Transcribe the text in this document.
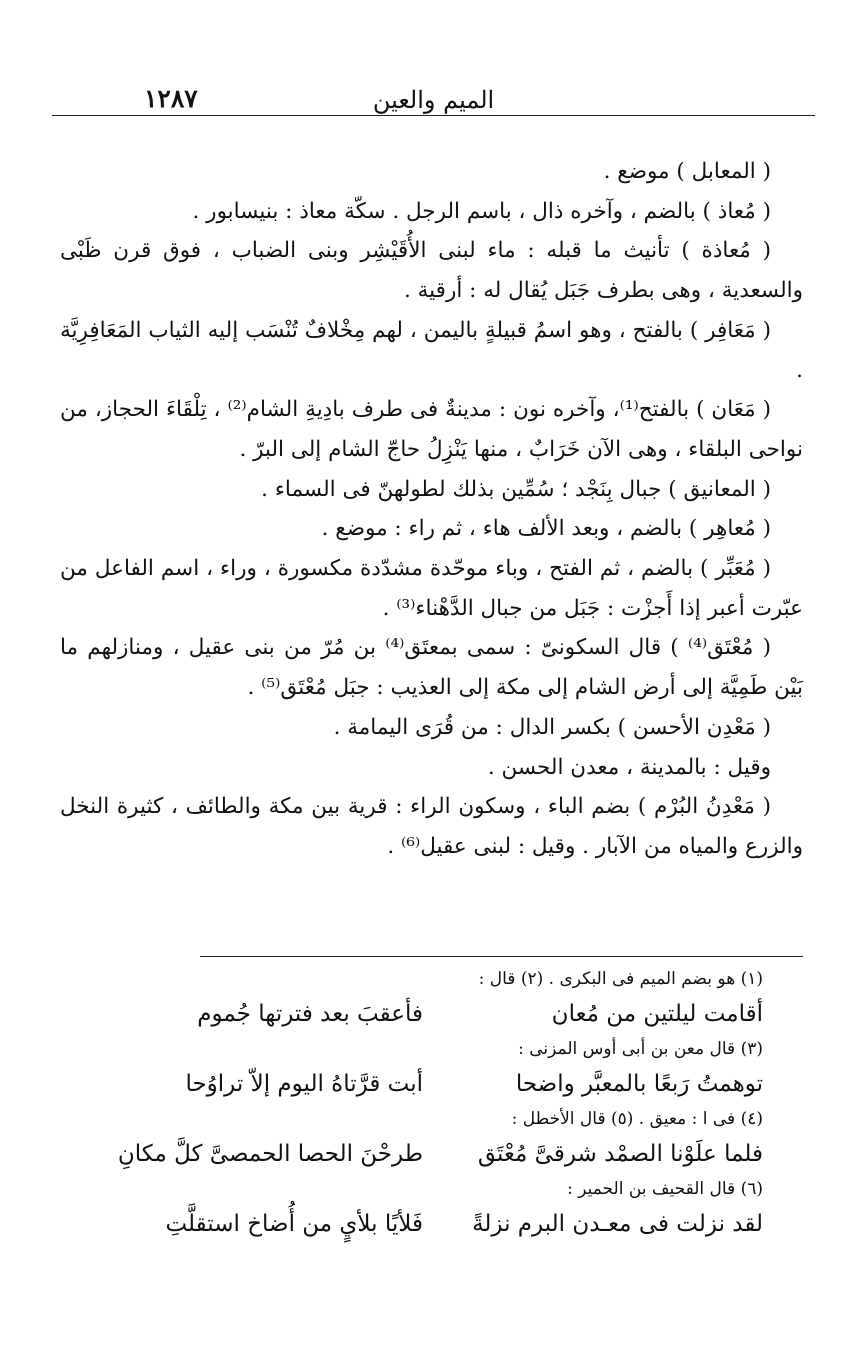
الميم والعين
١٢٨٧

( المعابل ) موضع .

( مُعاذ ) بالضم ، وآخره ذال ، باسم الرجل . سكّة معاذ : بنيسابور .

( مُعاذة ) تأنيث ما قبله : ماء لبنى الأُقَيْشِر وبنى الضباب ، فوق قرن ظَبْى والسعدية ، وهى بطرف جَبَل يُقال له : أرقية .

( مَعَافِر ) بالفتح ، وهو اسمُ قبيلةٍ باليمن ، لهم مِخْلافٌ تُنْسَب إليه الثياب المَعَافِرِيَّة .

( مَعَان ) بالفتح⁽¹⁾، وآخره نون : مدينةٌ فى طرف بادِيةِ الشام⁽²⁾ ، تِلْقَاءَ الحجاز، من نواحى البلقاء ، وهى الآن خَرَابٌ ، منها يَنْزِلُ حاجّ الشام إلى البرّ .

( المعانيق ) جبال بِنَجْد ؛ سُمِّين بذلك لطولهنّ فى السماء .

( مُعاهِر ) بالضم ، وبعد الألف هاء ، ثم راء : موضع .

( مُعَبِّر ) بالضم ، ثم الفتح ، وباء موحّدة مشدّدة مكسورة ، وراء ، اسم الفاعل من عبّرت أعبر إذا أَجزْت : جَبَل من جبال الدَّهْناء⁽³⁾ .

( مُعْتَق⁽⁴⁾ ) قال السكونىّ : سمى بمعتَق⁽⁴⁾ بن مُرّ من بنى عقيل ، ومنازلهم ما بَيْن طَمِيَّة إلى أرض الشام إلى مكة إلى العذيب : جبَل مُعْتَق⁽⁵⁾ .

( مَعْدِن الأحسن ) بكسر الدال : من قُرَى اليمامة .

وقيل : بالمدينة ، معدن الحسن .

( مَعْدِنُ البُرْم ) بضم الباء ، وسكون الراء : قرية بين مكة والطائف ، كثيرة النخل والزرع والمياه من الآبار . وقيل : لبنى عقيل⁽⁶⁾ .

(١) هو بضم الميم فى البكرى . (٢) قال :

أقامت ليلتين من مُعان
فأعقبَ بعد فترتها جُموم

(٣) قال معن بن أبى أوس المزنى :

توهمتُ رَبعًا بالمعبَّر واضحا
أبت قرَّتاهُ اليوم إلاّ تراوُحا

(٤) فى ا : معيق . (٥) قال الأخطل :

فلما علَوْنا الصمْد شرقىَّ مُعْتَق
طرحْنَ الحصا الحمصىَّ كلَّ مكانِ

(٦) قال القحيف بن الحمير :

لقد نزلت فى معـدن البرم نزلةً
فَلأيًا بلأيٍ من أُضاخ استقلَّتِ
